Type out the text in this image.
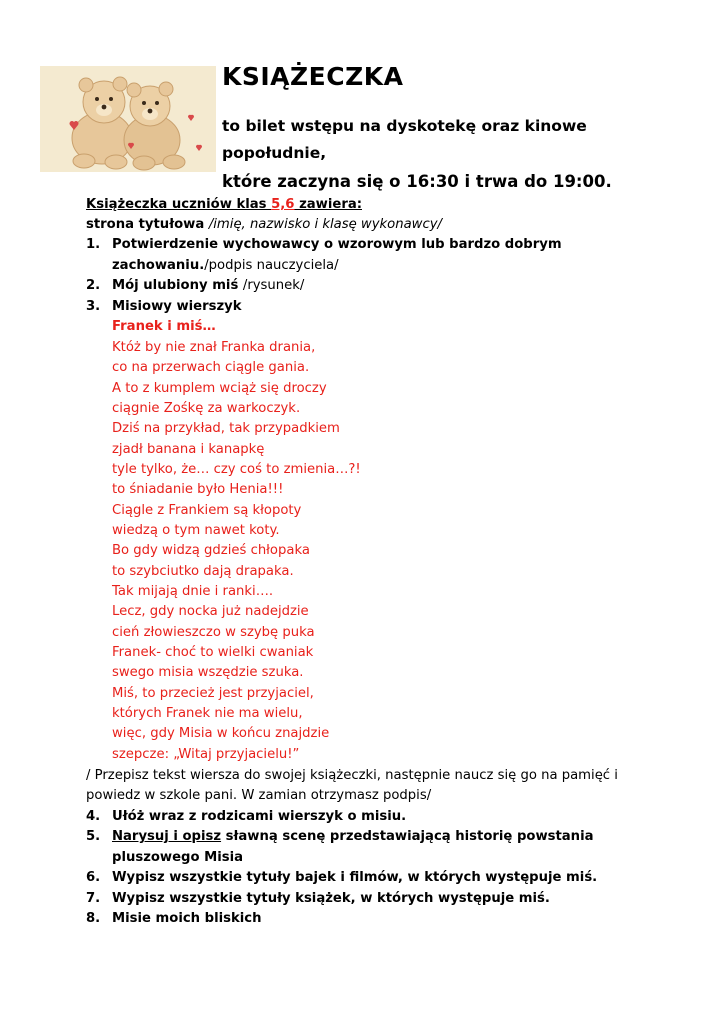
KSIĄŻECZKA
to bilet wstępu na dyskotekę oraz kinowe
popołudnie,
które zaczyna się o 16:30 i trwa do 19:00.
Książeczka uczniów klas 5,6 zawiera:
strona tytułowa /imię, nazwisko i klasę wykonawcy/
1. Potwierdzenie wychowawcy o wzorowym lub bardzo dobrym
zachowaniu./podpis nauczyciela/
2. Mój ulubiony miś /rysunek/
3. Misiowy wierszyk
Franek i miś…
Któż by nie znał Franka drania,
co na przerwach ciągle gania.
A to z kumplem wciąż się droczy
ciągnie Zośkę za warkoczyk.
Dziś na przykład, tak przypadkiem
zjadł banana i kanapkę
tyle tylko, że… czy coś to zmienia…?!
to śniadanie było Henia!!!
Ciągle z Frankiem są kłopoty
wiedzą o tym nawet koty.
Bo gdy widzą gdzieś chłopaka
to szybciutko dają drapaka.
Tak mijają dnie i ranki….
Lecz, gdy nocka już nadejdzie
cień złowieszczo w szybę puka
Franek- choć to wielki cwaniak
swego misia wszędzie szuka.
Miś, to przecież jest przyjaciel,
których Franek nie ma wielu,
więc, gdy Misia w końcu znajdzie
szepcze: „Witaj przyjacielu!”
/ Przepisz tekst wiersza do swojej książeczki, następnie naucz się go na pamięć i
powiedz w szkole pani. W zamian otrzymasz podpis/
4. Ułóż wraz z rodzicami wierszyk o misiu.
5. Narysuj i opisz sławną scenę przedstawiającą historię powstania
pluszowego Misia
6. Wypisz wszystkie tytuły bajek i filmów, w których występuje miś.
7. Wypisz wszystkie tytuły książek, w których występuje miś.
8. Misie moich bliskich
